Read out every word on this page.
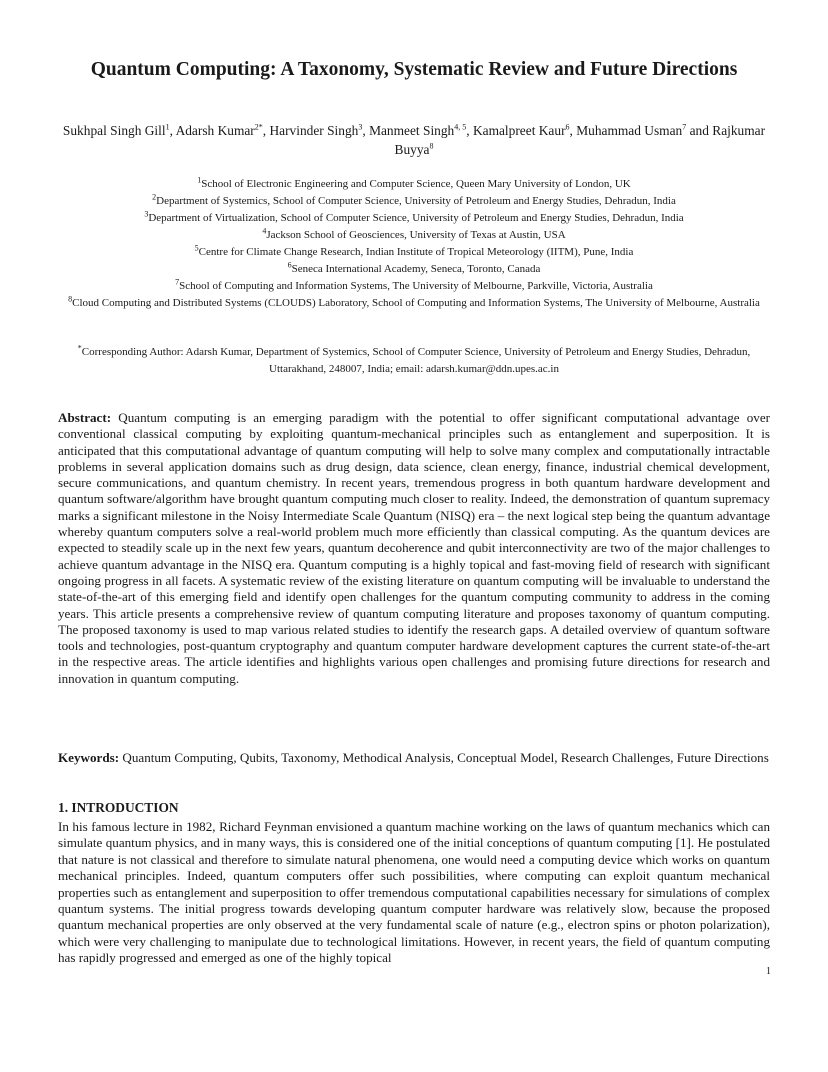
Quantum Computing: A Taxonomy, Systematic Review and Future Directions
Sukhpal Singh Gill$^1$, Adarsh Kumar$^{2*}$, Harvinder Singh$^3$, Manmeet Singh$^{4, 5}$, Kamalpreet Kaur$^6$, Muhammad Usman$^7$ and Rajkumar Buyya$^8$
$^1$School of Electronic Engineering and Computer Science, Queen Mary University of London, UK
$^2$Department of Systemics, School of Computer Science, University of Petroleum and Energy Studies, Dehradun, India
$^3$Department of Virtualization, School of Computer Science, University of Petroleum and Energy Studies, Dehradun, India
$^4$Jackson School of Geosciences, University of Texas at Austin, USA
$^5$Centre for Climate Change Research, Indian Institute of Tropical Meteorology (IITM), Pune, India
$^6$Seneca International Academy, Seneca, Toronto, Canada
$^7$School of Computing and Information Systems, The University of Melbourne, Parkville, Victoria, Australia
$^8$Cloud Computing and Distributed Systems (CLOUDS) Laboratory, School of Computing and Information Systems, The University of Melbourne, Australia
*Corresponding Author: Adarsh Kumar, Department of Systemics, School of Computer Science, University of Petroleum and Energy Studies, Dehradun, Uttarakhand, 248007, India; email: adarsh.kumar@ddn.upes.ac.in
Abstract: Quantum computing is an emerging paradigm with the potential to offer significant computational advantage over conventional classical computing by exploiting quantum-mechanical principles such as entanglement and superposition. It is anticipated that this computational advantage of quantum computing will help to solve many complex and computationally intractable problems in several application domains such as drug design, data science, clean energy, finance, industrial chemical development, secure communications, and quantum chemistry. In recent years, tremendous progress in both quantum hardware development and quantum software/algorithm have brought quantum computing much closer to reality. Indeed, the demonstration of quantum supremacy marks a significant milestone in the Noisy Intermediate Scale Quantum (NISQ) era – the next logical step being the quantum advantage whereby quantum computers solve a real-world problem much more efficiently than classical computing. As the quantum devices are expected to steadily scale up in the next few years, quantum decoherence and qubit interconnectivity are two of the major challenges to achieve quantum advantage in the NISQ era. Quantum computing is a highly topical and fast-moving field of research with significant ongoing progress in all facets. A systematic review of the existing literature on quantum computing will be invaluable to understand the state-of-the-art of this emerging field and identify open challenges for the quantum computing community to address in the coming years. This article presents a comprehensive review of quantum computing literature and proposes taxonomy of quantum computing. The proposed taxonomy is used to map various related studies to identify the research gaps. A detailed overview of quantum software tools and technologies, post-quantum cryptography and quantum computer hardware development captures the current state-of-the-art in the respective areas. The article identifies and highlights various open challenges and promising future directions for research and innovation in quantum computing.
Keywords: Quantum Computing, Qubits, Taxonomy, Methodical Analysis, Conceptual Model, Research Challenges, Future Directions
1. INTRODUCTION
In his famous lecture in 1982, Richard Feynman envisioned a quantum machine working on the laws of quantum mechanics which can simulate quantum physics, and in many ways, this is considered one of the initial conceptions of quantum computing [1]. He postulated that nature is not classical and therefore to simulate natural phenomena, one would need a computing device which works on quantum mechanical principles. Indeed, quantum computers offer such possibilities, where computing can exploit quantum mechanical properties such as entanglement and superposition to offer tremendous computational capabilities necessary for simulations of complex quantum systems. The initial progress towards developing quantum computer hardware was relatively slow, because the proposed quantum mechanical properties are only observed at the very fundamental scale of nature (e.g., electron spins or photon polarization), which were very challenging to manipulate due to technological limitations. However, in recent years, the field of quantum computing has rapidly progressed and emerged as one of the highly topical
1
